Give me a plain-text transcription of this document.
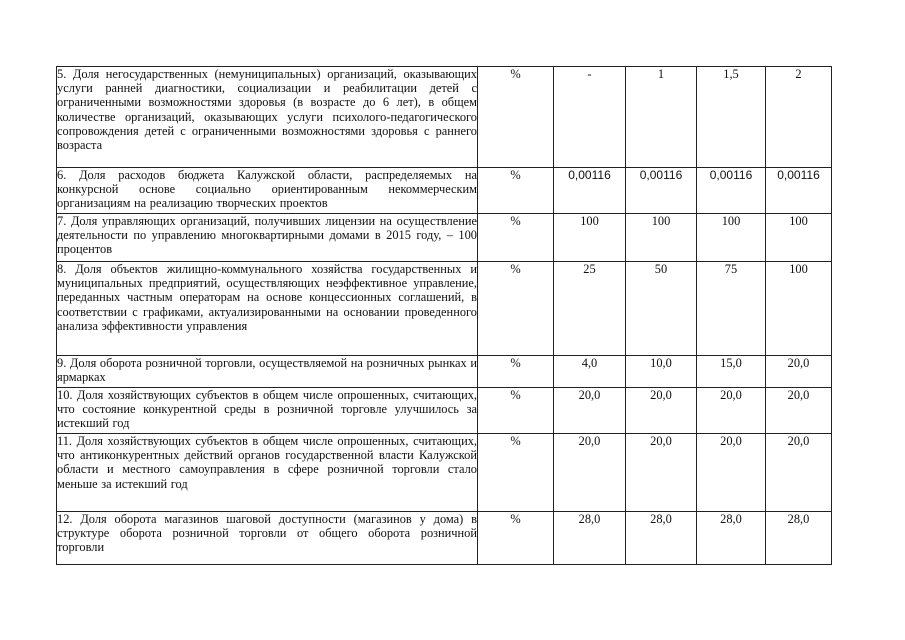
5. Доля негосударственных (немуниципальных) организаций, оказывающих услуги ранней диагностики, социализации и реабилитации детей с ограниченными возможностями здоровья (в возрасте до 6 лет), в общем количестве организаций, оказывающих услуги психолого-педагогического сопровождения детей с ограниченными возможностями здоровья с раннего возраста	%	-	1	1,5	2
6. Доля расходов бюджета Калужской области, распределяемых на конкурсной основе социально ориентированным некоммерческим организациям на реализацию творческих проектов	%	0,00116	0,00116	0,00116	0,00116
7. Доля управляющих организаций, получивших лицензии на осуществление деятельности по управлению многоквартирными домами в 2015 году, – 100 процентов	%	100	100	100	100
8. Доля объектов жилищно-коммунального хозяйства государственных и муниципальных предприятий, осуществляющих неэффективное управление, переданных частным операторам на основе концессионных соглашений, в соответствии с графиками, актуализированными на основании проведенного анализа эффективности управления	%	25	50	75	100
9. Доля оборота розничной торговли, осуществляемой на розничных рынках и ярмарках	%	4,0	10,0	15,0	20,0
10. Доля хозяйствующих субъектов в общем числе опрошенных, считающих, что состояние конкурентной среды в розничной торговле улучшилось за истекший год	%	20,0	20,0	20,0	20,0
11. Доля хозяйствующих субъектов в общем числе опрошенных, считающих, что антиконкурентных действий органов государственной власти Калужской области и местного самоуправления в сфере розничной торговли стало меньше за истекший год	%	20,0	20,0	20,0	20,0
12. Доля оборота магазинов шаговой доступности (магазинов у дома) в структуре оборота розничной торговли от общего оборота розничной торговли	%	28,0	28,0	28,0	28,0
